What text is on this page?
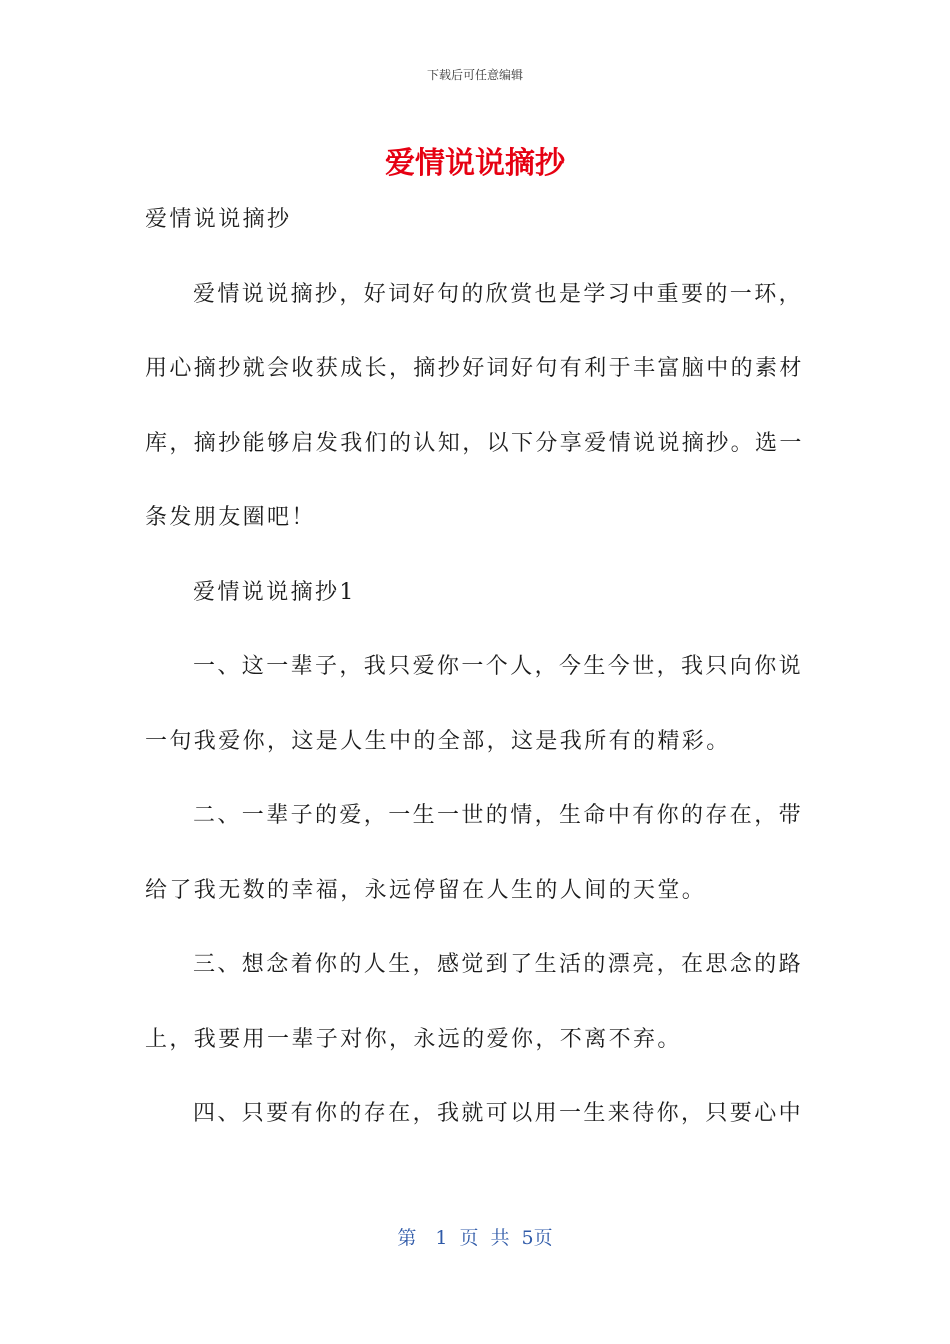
下载后可任意编辑
爱情说说摘抄
爱情说说摘抄
爱情说说摘抄，好词好句的欣赏也是学习中重要的一环，
用心摘抄就会收获成长，摘抄好词好句有利于丰富脑中的素材
库，摘抄能够启发我们的认知，以下分享爱情说说摘抄。选一
条发朋友圈吧！
爱情说说摘抄1
一、这一辈子，我只爱你一个人，今生今世，我只向你说
一句我爱你，这是人生中的全部，这是我所有的精彩。
二、一辈子的爱，一生一世的情，生命中有你的存在，带
给了我无数的幸福，永远停留在人生的人间的天堂。
三、想念着你的人生，感觉到了生活的漂亮，在思念的路
上，我要用一辈子对你，永远的爱你，不离不弃。
四、只要有你的存在，我就可以用一生来待你，只要心中
第　1 页 共 5页
